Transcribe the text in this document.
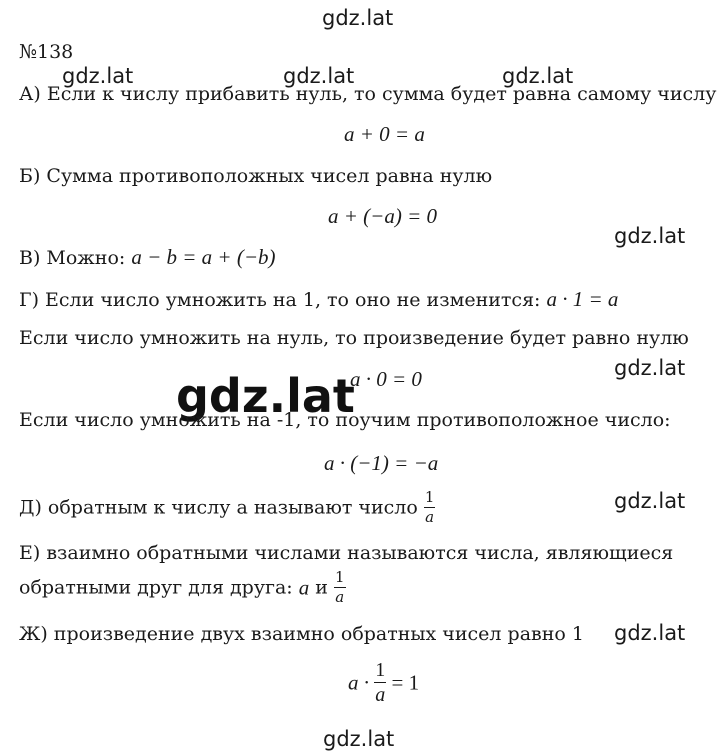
gdz.lat
№138
gdz.lat	gdz.lat	gdz.lat
А) Если к числу прибавить нуль, то сумма будет равна самому числу
a + 0 = a
Б) Сумма противоположных чисел равна нулю
a + (−a) = 0
gdz.lat
В) Можно: a − b = a + (−b)
Г) Если число умножить на 1, то оно не изменится: a · 1 = a
Если число умножить на нуль, то произведение будет равно нулю
gdz.lat
a · 0 = 0
gdz.lat
Если число умножить на -1, то поучим противоположное число:
a · (−1) = −a
gdz.lat
Д) обратным к числу а называют число $\frac{1}{a}$
Е) взаимно обратными числами называются числа, являющиеся
обратными друг для друга: a и $\frac{1}{a}$
Ж) произведение двух взаимно обратных чисел равно 1 gdz.lat
$a \cdot \frac{1}{a} = 1$
gdz.lat
